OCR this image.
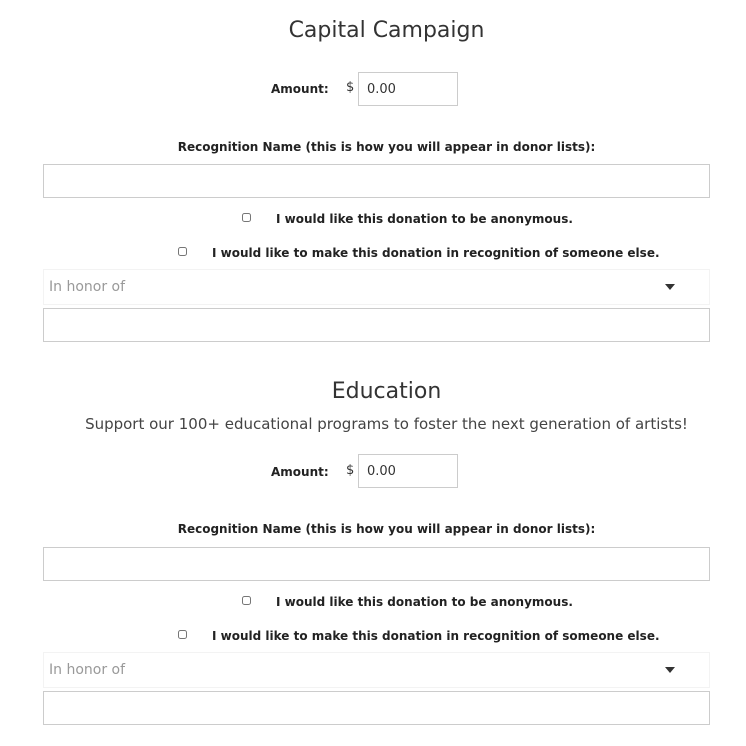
Capital Campaign
Amount: $
0.00
Recognition Name (this is how you will appear in donor lists):
I would like this donation to be anonymous.
I would like to make this donation in recognition of someone else.
In honor of
Education
Support our 100+ educational programs to foster the next generation of artists!
Amount: $
0.00
Recognition Name (this is how you will appear in donor lists):
I would like this donation to be anonymous.
I would like to make this donation in recognition of someone else.
In honor of
